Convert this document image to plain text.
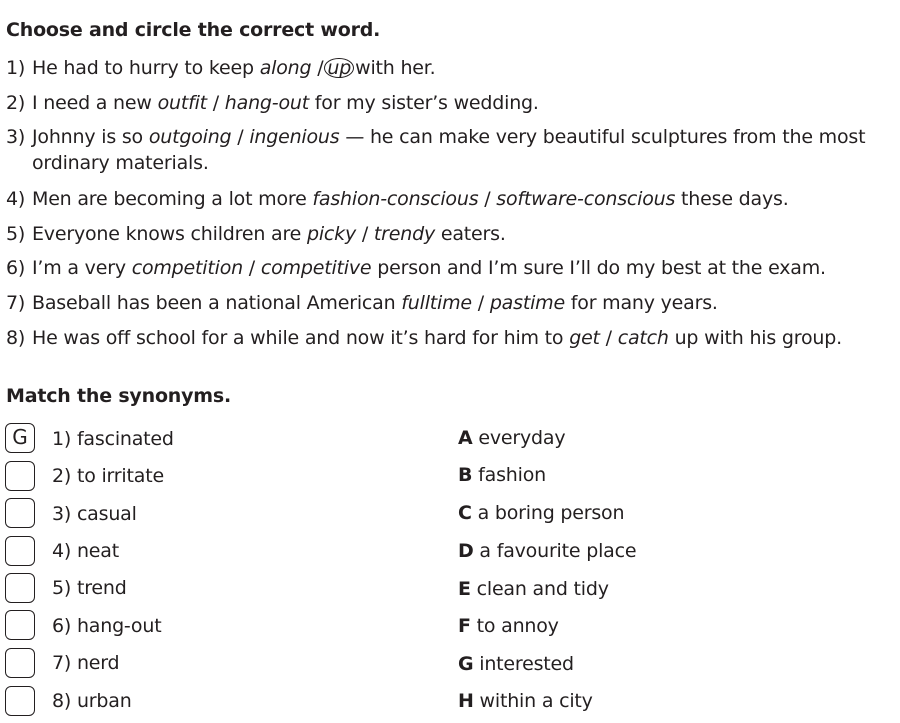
Choose and circle the correct word.
1) He had to hurry to keep along / up with her.
2) I need a new outfit / hang-out for my sister’s wedding.
3) Johnny is so outgoing / ingenious — he can make very beautiful sculptures from the most
ordinary materials.
4) Men are becoming a lot more fashion-conscious / software-conscious these days.
5) Everyone knows children are picky / trendy eaters.
6) I’m a very competition / competitive person and I’m sure I’ll do my best at the exam.
7) Baseball has been a national American fulltime / pastime for many years.
8) He was off school for a while and now it’s hard for him to get / catch up with his group.
Match the synonyms.
G	1) fascinated	A everyday
2) to irritate	B fashion
3) casual	C a boring person
4) neat	D a favourite place
5) trend	E clean and tidy
6) hang-out	F to annoy
7) nerd	G interested
8) urban	H within a city
